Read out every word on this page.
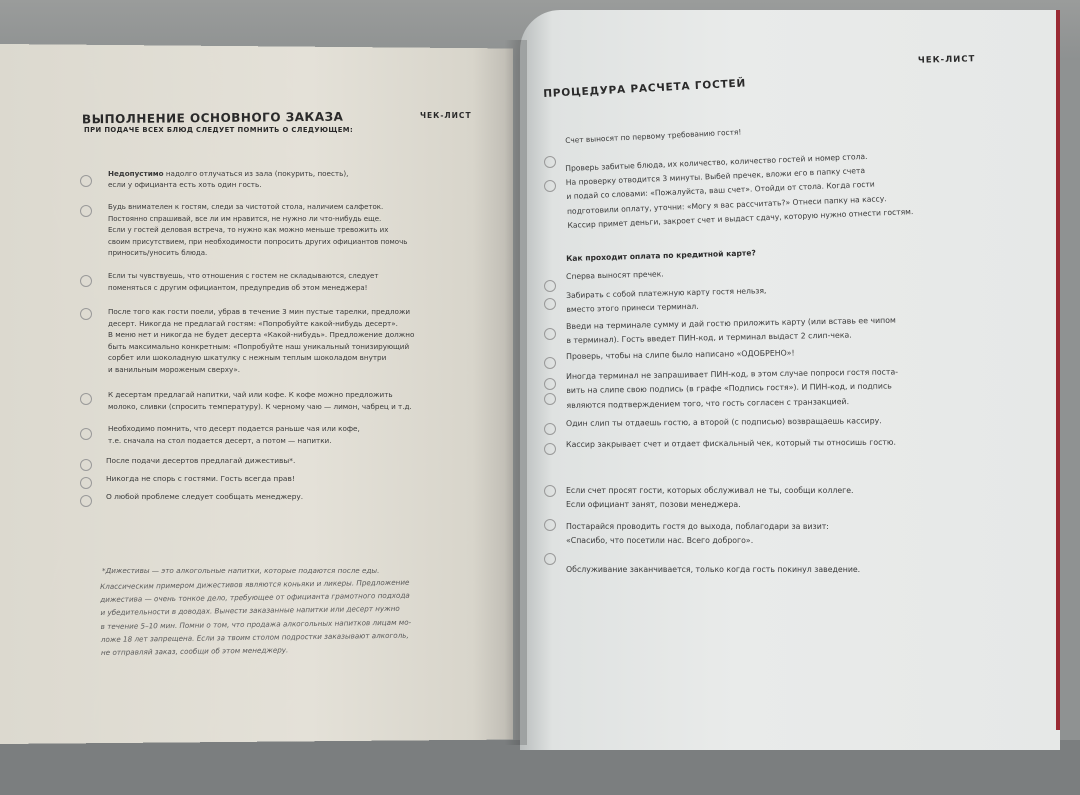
ВЫПОЛНЕНИЕ ОСНОВНОГО ЗАКАЗА	ЧЕК-ЛИСТ
ПРИ ПОДАЧЕ ВСЕХ БЛЮД СЛЕДУЕТ ПОМНИТЬ О СЛЕДУЮЩЕМ:
Недопустимо надолго отлучаться из зала (покурить, поесть),
если у официанта есть хоть один гость.
Будь внимателен к гостям, следи за чистотой стола, наличием салфеток.
Постоянно спрашивай, все ли им нравится, не нужно ли что-нибудь еще.
Если у гостей деловая встреча, то нужно как можно меньше тревожить их
своим присутствием, при необходимости попросить других официантов помочь
приносить/уносить блюда.
Если ты чувствуешь, что отношения с гостем не складываются, следует
поменяться с другим официантом, предупредив об этом менеджера!
После того как гости поели, убрав в течение 3 мин пустые тарелки, предложи
десерт. Никогда не предлагай гостям: «Попробуйте какой-нибудь десерт».
В меню нет и никогда не будет десерта «Какой-нибудь». Предложение должно
быть максимально конкретным: «Попробуйте наш уникальный тонизирующий
сорбет или шоколадную шкатулку с нежным теплым шоколадом внутри
и ванильным мороженым сверху».
К десертам предлагай напитки, чай или кофе. К кофе можно предложить
молоко, сливки (спросить температуру). К черному чаю — лимон, чабрец и т.д.
Необходимо помнить, что десерт подается раньше чая или кофе,
т.е. сначала на стол подается десерт, а потом — напитки.
После подачи десертов предлагай дижестивы*.
Никогда не спорь с гостями. Гость всегда прав!
О любой проблеме следует сообщать менеджеру.
*Дижестивы — это алкогольные напитки, которые подаются после еды.
Классическим примером дижестивов являются коньяки и ликеры. Предложение
дижестива — очень тонкое дело, требующее от официанта грамотного подхода
и убедительности в доводах. Вынести заказанные напитки или десерт нужно
в течение 5–10 мин. Помни о том, что продажа алкогольных напитков лицам мо-
ложе 18 лет запрещена. Если за твоим столом подростки заказывают алкоголь,
не отправляй заказ, сообщи об этом менеджеру.
ЧЕК-ЛИСТ
ПРОЦЕДУРА РАСЧЕТА ГОСТЕЙ
Счет выносят по первому требованию гостя!
Проверь забитые блюда, их количество, количество гостей и номер стола.
На проверку отводится 3 минуты. Выбей пречек, вложи его в папку счета
и подай со словами: «Пожалуйста, ваш счет». Отойди от стола. Когда гости
подготовили оплату, уточни: «Могу я вас рассчитать?» Отнеси папку на кассу.
Кассир примет деньги, закроет счет и выдаст сдачу, которую нужно отнести гостям.
Как проходит оплата по кредитной карте?
Сперва выносят пречек.
Забирать с собой платежную карту гостя нельзя,
вместо этого принеси терминал.
Введи на терминале сумму и дай гостю приложить карту (или вставь ее чипом
в терминал). Гость введет ПИН-код, и терминал выдаст 2 слип-чека.
Проверь, чтобы на слипе было написано «ОДОБРЕНО»!
Иногда терминал не запрашивает ПИН-код, в этом случае попроси гостя поста-
вить на слипе свою подпись (в графе «Подпись гостя»). И ПИН-код, и подпись
являются подтверждением того, что гость согласен с транзакцией.
Один слип ты отдаешь гостю, а второй (с подписью) возвращаешь кассиру.
Кассир закрывает счет и отдает фискальный чек, который ты относишь гостю.
Если счет просят гости, которых обслуживал не ты, сообщи коллеге.
Если официант занят, позови менеджера.
Постарайся проводить гостя до выхода, поблагодари за визит:
«Спасибо, что посетили нас. Всего доброго».
Обслуживание заканчивается, только когда гость покинул заведение.
